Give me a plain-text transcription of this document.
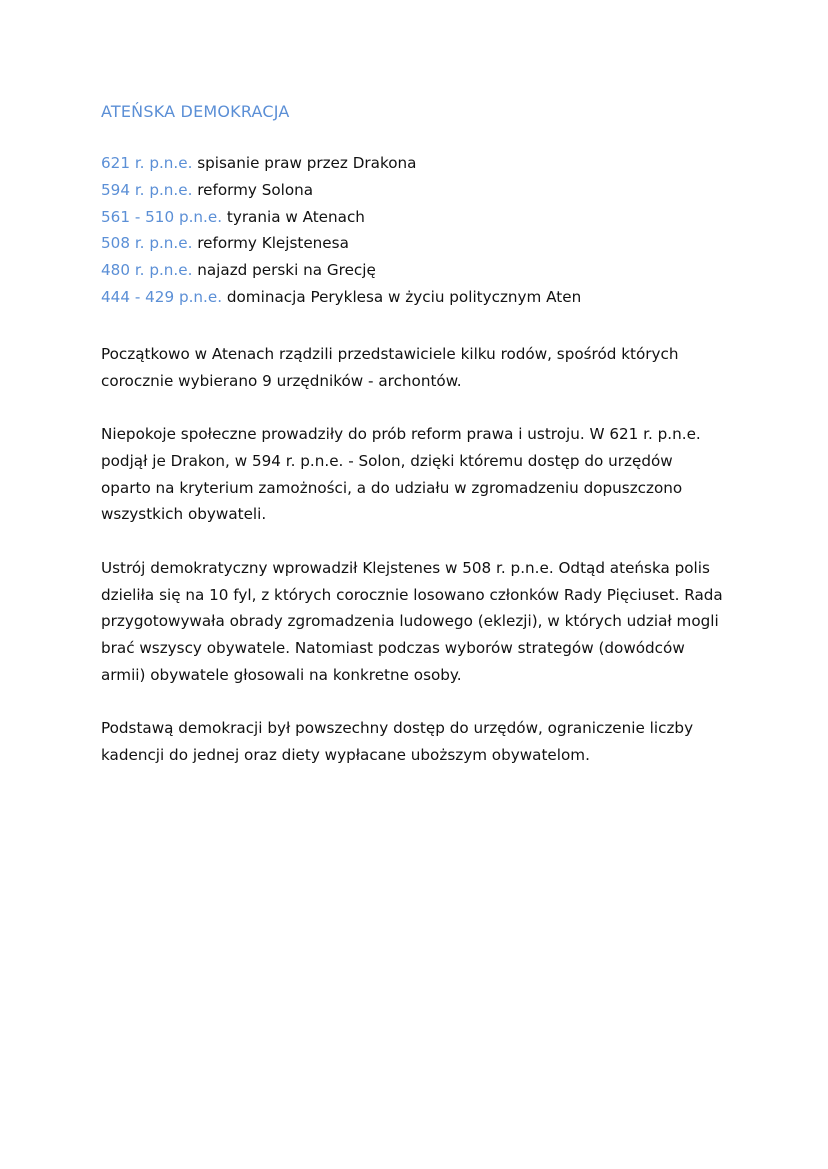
ATEŃSKA DEMOKRACJA
621 r. p.n.e. spisanie praw przez Drakona
594 r. p.n.e. reformy Solona
561 - 510 p.n.e. tyrania w Atenach
508 r. p.n.e. reformy Klejstenesa
480 r. p.n.e. najazd perski na Grecję
444 - 429 p.n.e. dominacja Peryklesa w życiu politycznym Aten
Początkowo w Atenach rządzili przedstawiciele kilku rodów, spośród których
corocznie wybierano 9 urzędników - archontów.
Niepokoje społeczne prowadziły do prób reform prawa i ustroju. W 621 r. p.n.e.
podjął je Drakon, w 594 r. p.n.e. - Solon, dzięki któremu dostęp do urzędów
oparto na kryterium zamożności, a do udziału w zgromadzeniu dopuszczono
wszystkich obywateli.
Ustrój demokratyczny wprowadził Klejstenes w 508 r. p.n.e. Odtąd ateńska polis
dzieliła się na 10 fyl, z których corocznie losowano członków Rady Pięciuset. Rada
przygotowywała obrady zgromadzenia ludowego (eklezji), w których udział mogli
brać wszyscy obywatele. Natomiast podczas wyborów strategów (dowódców
armii) obywatele głosowali na konkretne osoby.
Podstawą demokracji był powszechny dostęp do urzędów, ograniczenie liczby
kadencji do jednej oraz diety wypłacane uboższym obywatelom.
